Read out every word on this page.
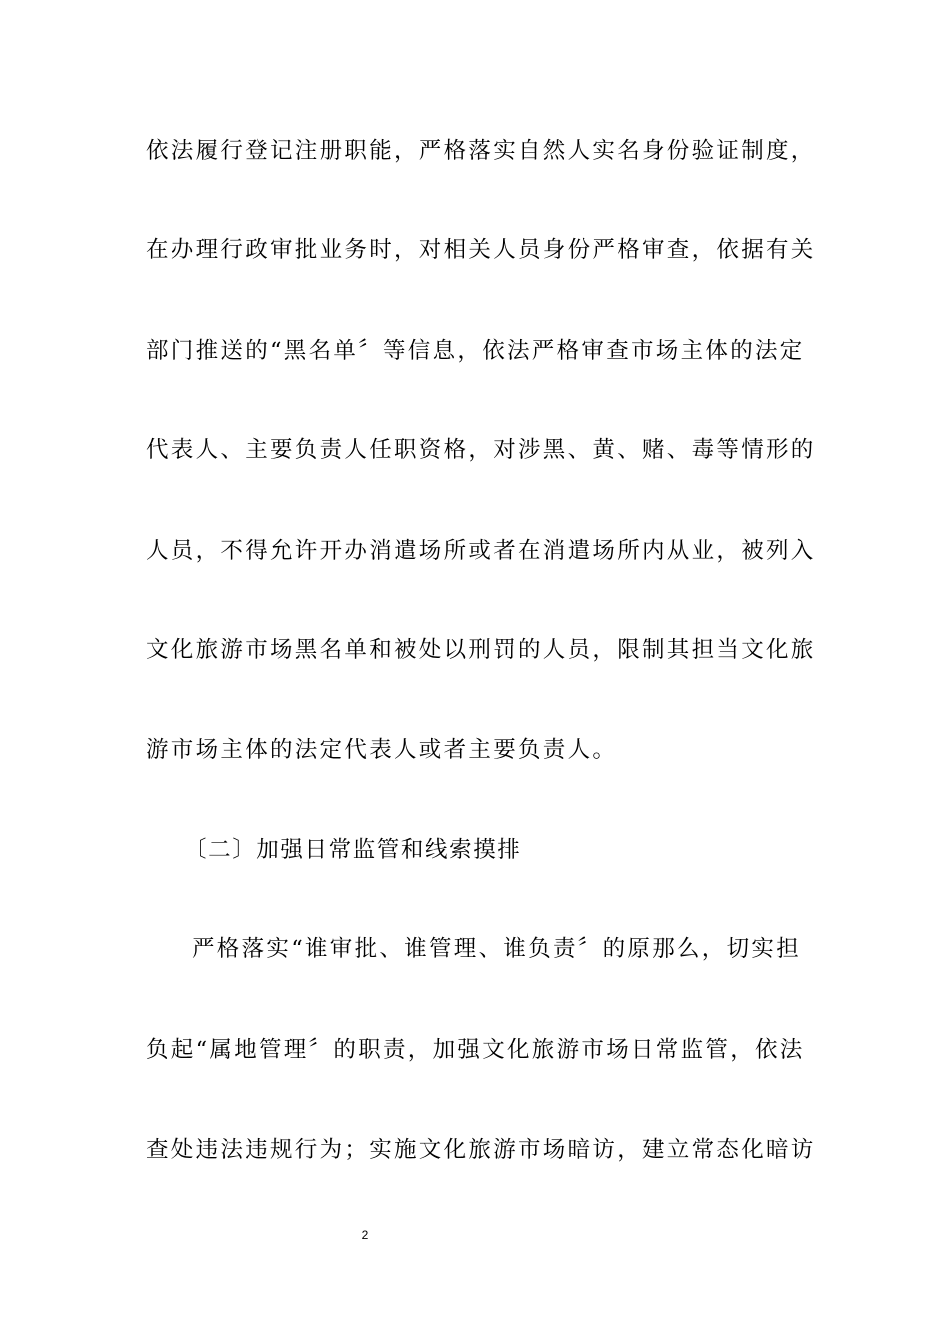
依法履行登记注册职能，严格落实自然人实名身份验证制度，
在办理行政审批业务时，对相关人员身份严格审查，依据有关
部门推送的“黑名单〞等信息，依法严格审查市场主体的法定
代表人、主要负责人任职资格，对涉黑、黄、赌、毒等情形的
人员，不得允许开办消遣场所或者在消遣场所内从业，被列入
文化旅游市场黑名单和被处以刑罚的人员，限制其担当文化旅
游市场主体的法定代表人或者主要负责人。
〔二〕加强日常监管和线索摸排
严格落实“谁审批、谁管理、谁负责〞的原那么，切实担
负起“属地管理〞的职责，加强文化旅游市场日常监管，依法
查处违法违规行为；实施文化旅游市场暗访，建立常态化暗访
2
